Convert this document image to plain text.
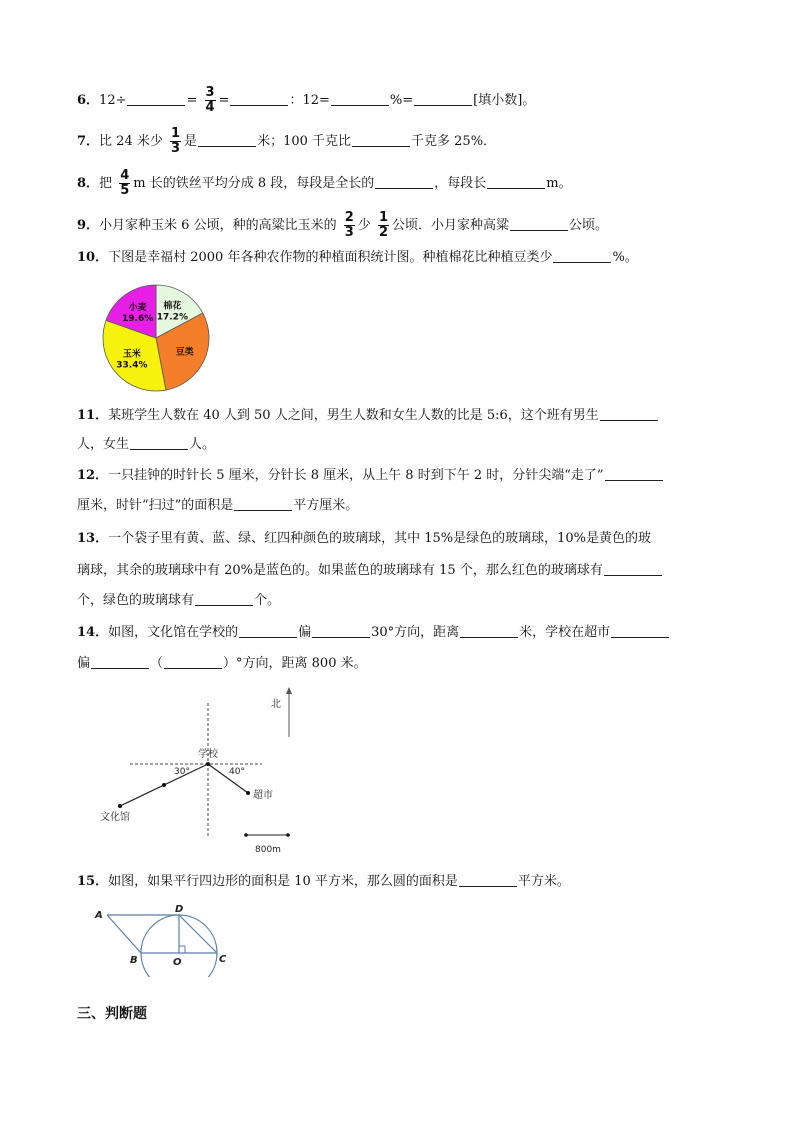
6．12÷	= $\frac{3}{4}$ =	：12=	%=	[填小数]。
7．比 24 米少 $\frac{1}{3}$ 是	米；100 千克比	千克多 25%．
8．把 $\frac{4}{5}$ m 长的铁丝平均分成 8 段，每段是全长的	，每段长	m。
9．小月家种玉米 6 公顷，种的高粱比玉米的 $\frac{2}{3}$ 少 $\frac{1}{2}$ 公顷．小月家种高粱	公顷。
10．下图是幸福村 2000 年各种农作物的种植面积统计图。种植棉花比种植豆类少	%。
棉花
17.2%
豆类
玉米
33.4%
小麦
19.6%
11．某班学生人数在 40 人到 50 人之间，男生人数和女生人数的比是 5:6，这个班有男生
人，女生	人。
12．一只挂钟的时针长 5 厘米，分针长 8 厘米，从上午 8 时到下午 2 时，分针尖端“走了”
厘米，时针“扫过”的面积是	平方厘米。
13．一个袋子里有黄、蓝、绿、红四种颜色的玻璃球，其中 15%是绿色的玻璃球，10%是黄色的玻
璃球，其余的玻璃球中有 20%是蓝色的。如果蓝色的玻璃球有 15 个，那么红色的玻璃球有
个，绿色的玻璃球有	个。
14．如图，文化馆在学校的	偏	30°方向，距离	米，学校在超市
偏	（	）°方向，距离 800 米。
北
学校
30°	40°
超市
文化馆
800m
15．如图，如果平行四边形的面积是 10 平方米，那么圆的面积是	平方米。
A
D
B	O	C
三、判断题
